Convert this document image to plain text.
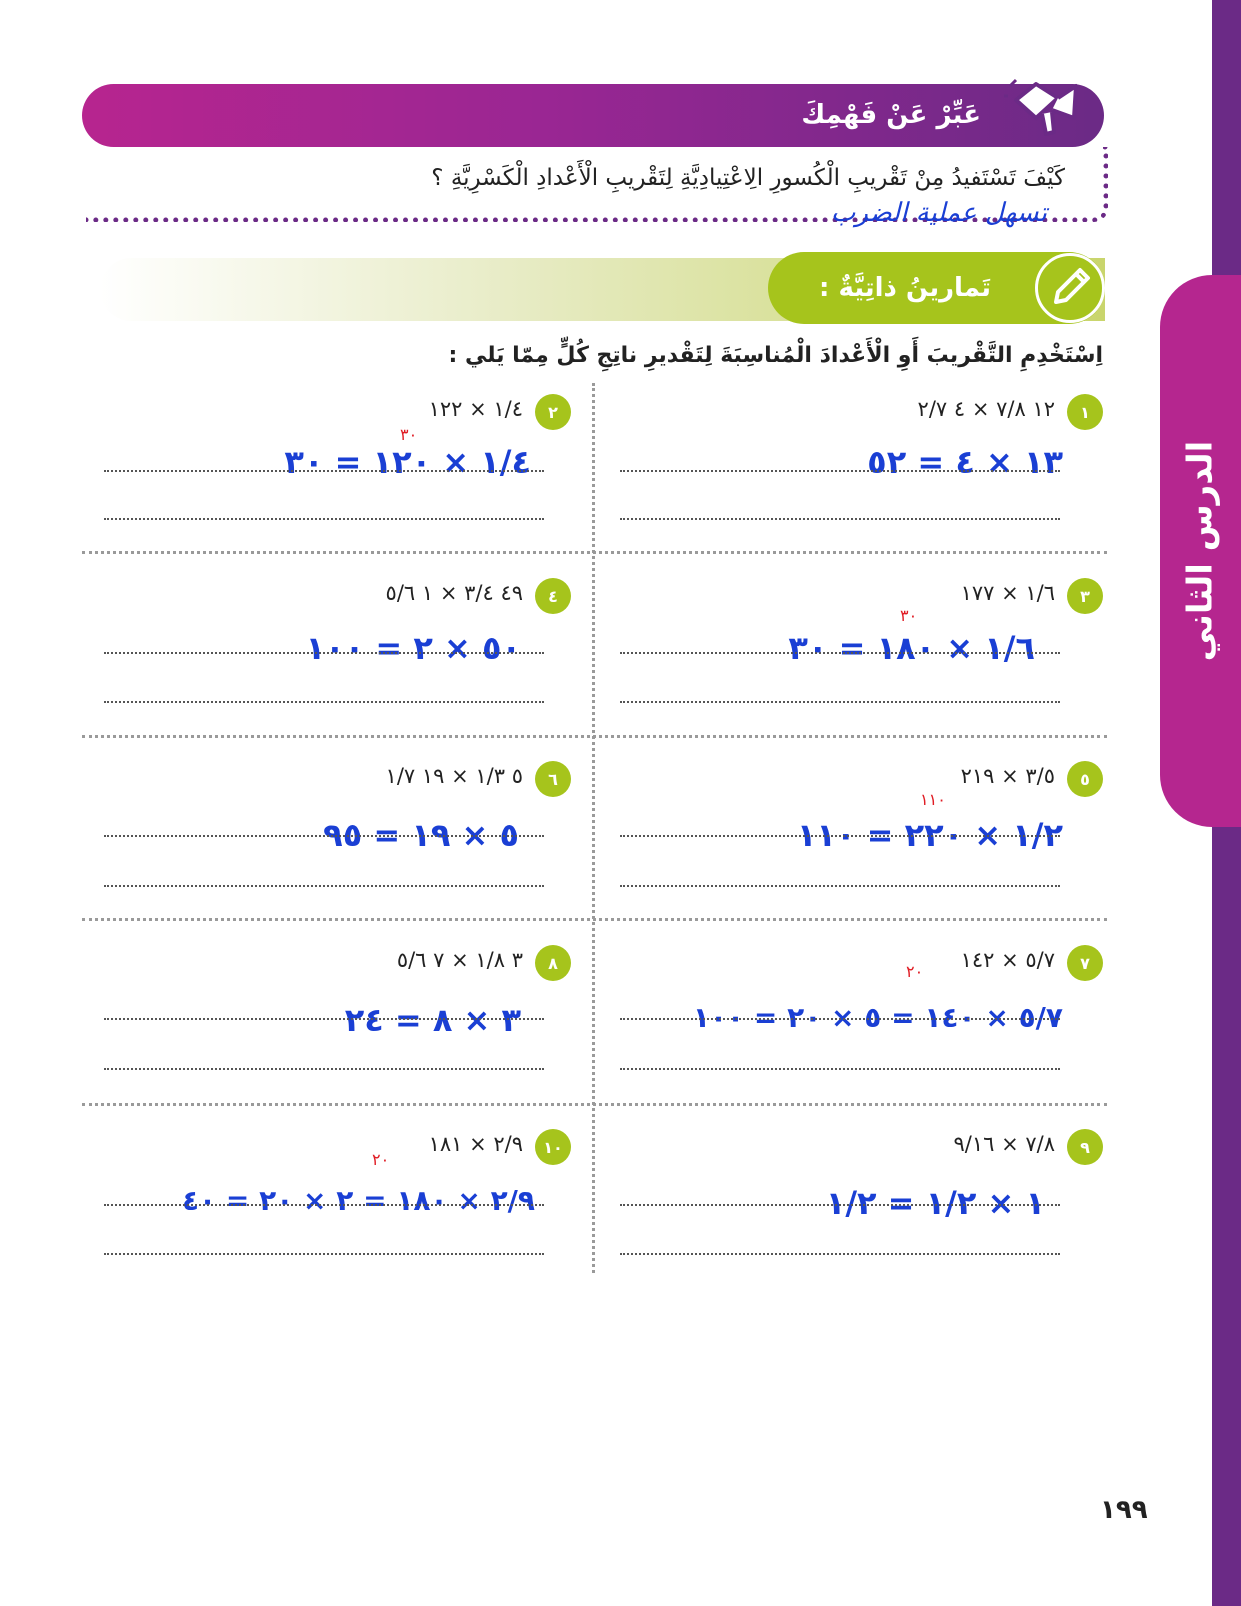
الدرس الثاني
عَبِّرْ عَنْ فَهْمِكَ
كَيْفَ تَسْتَفيدُ مِنْ تَقْريبِ الْكُسورِ الِاعْتِيادِيَّةِ لِتَقْريبِ الْأَعْدادِ الْكَسْرِيَّةِ ؟
تسهل عملية الضرب
تَمارينُ ذاتِيَّةٌ :
اِسْتَخْدِمِ التَّقْريبَ أَوِ الْأَعْدادَ الْمُناسِبَةَ لِتَقْديرِ ناتِجِ كُلٍّ مِمّا يَلي :
١
١٢ ٧/٨ × ٤ ٢/٧
١٣ × ٤ = ٥٢
٢
١/٤ × ١٢٢
٣٠
١/٤ × ١٢٠ = ٣٠
٣
١/٦ × ١٧٧
٣٠
١/٦ × ١٨٠ = ٣٠
٤
٤٩ ٣/٤ × ١ ٥/٦
٥٠ × ٢ = ١٠٠
٥
٣/٥ × ٢١٩
١١٠
١/٢ × ٢٢٠ = ١١٠
٦
٥ ١/٣ × ١٩ ١/٧
٥ × ١٩ = ٩٥
٧
٥/٧ × ١٤٢
٢٠
٥/٧ × ١٤٠ = ٥ × ٢٠ = ١٠٠
٨
٣ ١/٨ × ٧ ٥/٦
٣ × ٨ = ٢٤
٩
٧/٨ × ٩/١٦
١ × ١/٢ = ١/٢
١٠
٢/٩ × ١٨١
٢٠
٢/٩ × ١٨٠ = ٢ × ٢٠ = ٤٠
١٩٩
